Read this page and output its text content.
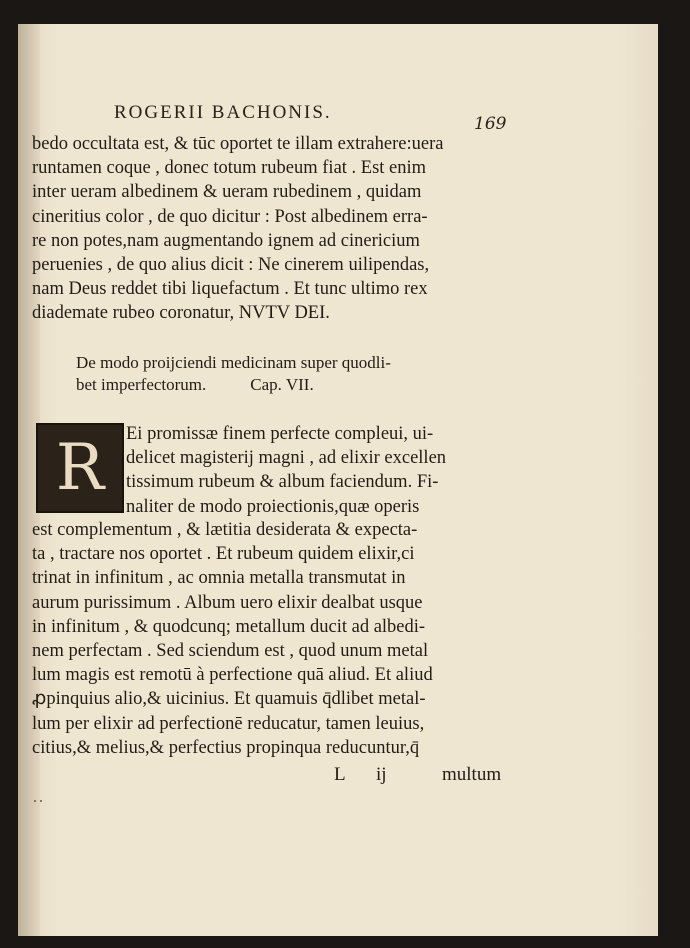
ROGERII BACHONIS.
169
bedo occultata est, & tūc oportet te illam extrahere:uera
runtamen coque , donec totum rubeum fiat . Est enim
inter ueram albedinem & ueram rubedinem , quidam
cineritius color , de quo dicitur : Post albedinem erra-
re non potes,nam augmentando ignem ad cinericium
peruenies , de quo alius dicit : Ne cinerem uilipendas,
nam Deus reddet tibi liquefactum . Et tunc ultimo rex
diademate rubeo coronatur, NVTV DEI.
De modo proijciendi medicinam super quodli-
bet imperfectorum.	Cap. VII.
R Ei promissæ finem perfecte compleui, ui-
delicet magisterij magni , ad elixir excellen
tissimum rubeum & album faciendum. Fi-
naliter de modo proiectionis,quæ operis
est complementum , & lætitia desiderata & expecta-
ta , tractare nos oportet . Et rubeum quidem elixir,ci
trinat in infinitum , ac omnia metalla transmutat in
aurum purissimum . Album uero elixir dealbat usque
in infinitum , & quodcunq; metallum ducit ad albedi-
nem perfectam . Sed sciendum est , quod unum metal
lum magis est remotū à perfectione quā aliud. Et aliud
ꝓpinquius alio,& uicinius. Et quamuis q̄dlibet metal-
lum per elixir ad perfectionē reducatur, tamen leuius,
citius,& melius,& perfectius propinqua reducuntur,q̄
L ij	multum
